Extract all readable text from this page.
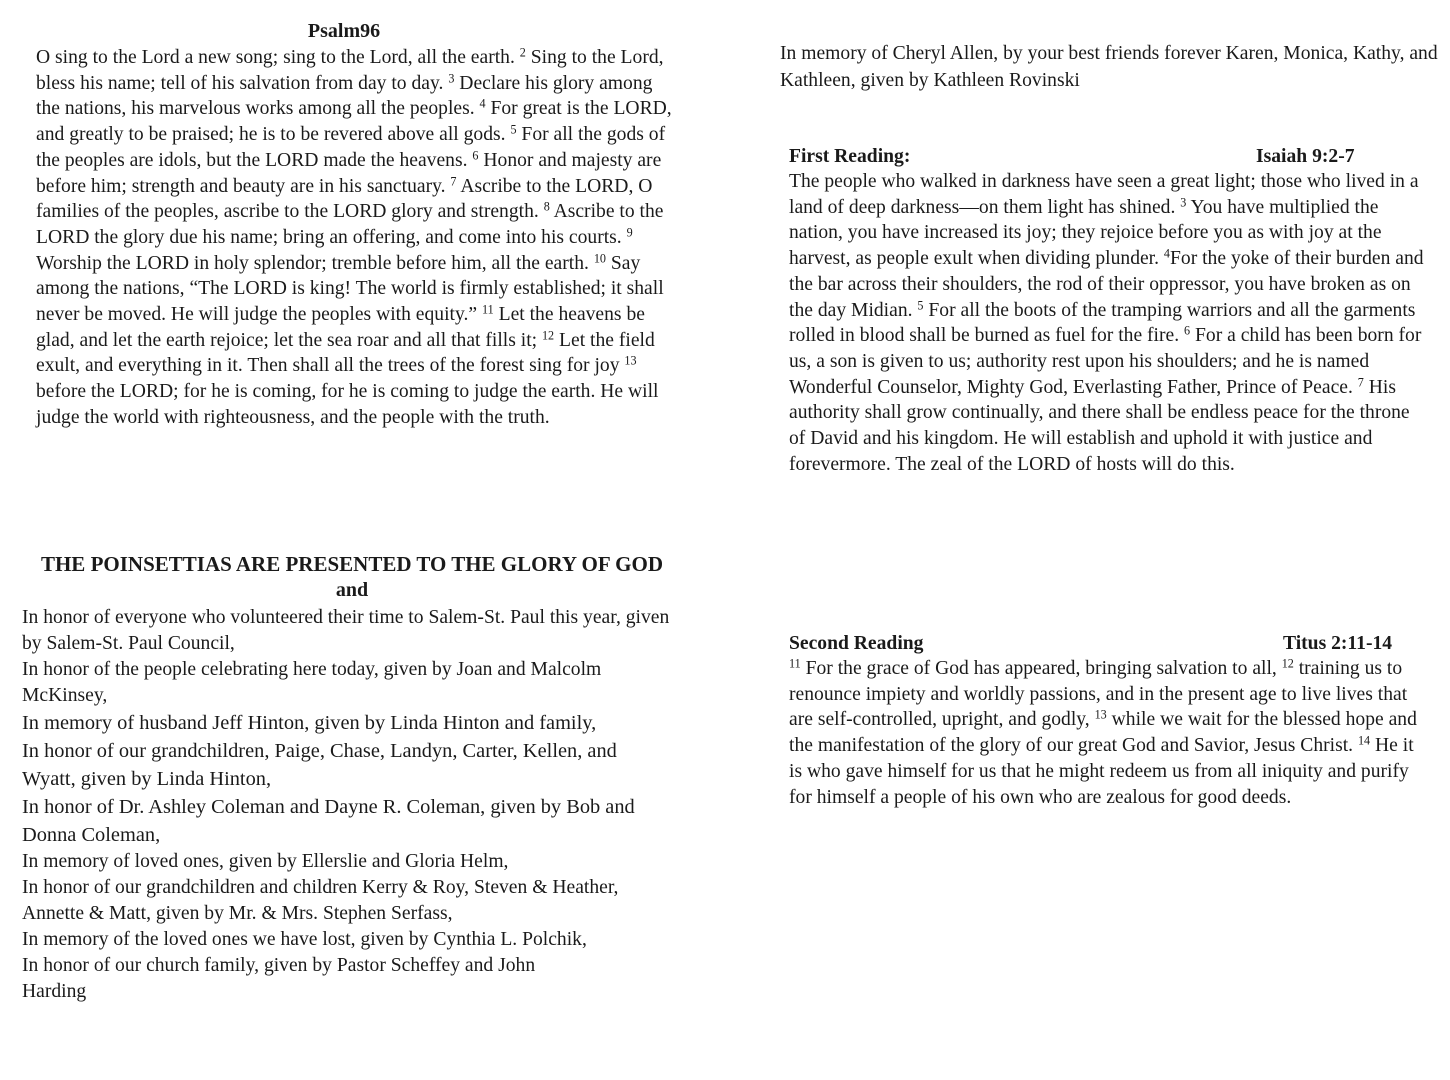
Psalm96

O sing to the Lord a new song; sing to the Lord, all the earth. $^2$ Sing to the Lord, bless his name; tell of his salvation from day to day. $^3$ Declare his glory among the nations, his marvelous works among all the peoples. $^4$ For great is the LORD, and greatly to be praised; he is to be revered above all gods. $^5$ For all the gods of the peoples are idols, but the LORD made the heavens. $^6$ Honor and majesty are before him; strength and beauty are in his sanctuary. $^7$ Ascribe to the LORD, O families of the peoples, ascribe to the LORD glory and strength. $^8$ Ascribe to the LORD the glory due his name; bring an offering, and come into his courts. $^9$ Worship the LORD in holy splendor; tremble before him, all the earth. $^{10}$ Say among the nations, “The LORD is king! The world is firmly established; it shall never be moved. He will judge the peoples with equity.” $^{11}$ Let the heavens be glad, and let the earth rejoice; let the sea roar and all that fills it; $^{12}$ Let the field exult, and everything in it. Then shall all the trees of the forest sing for joy $^{13}$ before the LORD; for he is coming, for he is coming to judge the earth. He will judge the world with righteousness, and the people with the truth.

THE POINSETTIAS ARE PRESENTED TO THE GLORY OF GOD
and

In honor of everyone who volunteered their time to Salem-St. Paul this year, given by Salem-St. Paul Council,

In honor of the people celebrating here today, given by Joan and Malcolm McKinsey,

In memory of husband Jeff Hinton, given by Linda Hinton and family,

In honor of our grandchildren, Paige, Chase, Landyn, Carter, Kellen, and Wyatt, given by Linda Hinton,

In honor of Dr. Ashley Coleman and Dayne R. Coleman, given by Bob and Donna Coleman,

In memory of loved ones, given by Ellerslie and Gloria Helm,

In honor of our grandchildren and children Kerry & Roy, Steven & Heather, Annette & Matt, given by Mr. & Mrs. Stephen Serfass,

In memory of the loved ones we have lost, given by Cynthia L. Polchik,

In honor of our church family, given by Pastor Scheffey and John Harding

In memory of Cheryl Allen, by your best friends forever Karen, Monica, Kathy, and Kathleen, given by Kathleen Rovinski

First Reading:	Isaiah 9:2-7

The people who walked in darkness have seen a great light; those who lived in a land of deep darkness—on them light has shined. $^3$ You have multiplied the nation, you have increased its joy; they rejoice before you as with joy at the harvest, as people exult when dividing plunder. $^4$For the yoke of their burden and the bar across their shoulders, the rod of their oppressor, you have broken as on the day Midian. $^5$ For all the boots of the tramping warriors and all the garments rolled in blood shall be burned as fuel for the fire. $^6$ For a child has been born for us, a son is given to us; authority rest upon his shoulders; and he is named Wonderful Counselor, Mighty God, Everlasting Father, Prince of Peace. $^7$ His authority shall grow continually, and there shall be endless peace for the throne of David and his kingdom. He will establish and uphold it with justice and forevermore. The zeal of the LORD of hosts will do this.

Second Reading	Titus 2:11-14

$^{11}$ For the grace of God has appeared, bringing salvation to all, $^{12}$ training us to renounce impiety and worldly passions, and in the present age to live lives that are self-controlled, upright, and godly, $^{13}$ while we wait for the blessed hope and the manifestation of the glory of our great God and Savior, Jesus Christ. $^{14}$ He it is who gave himself for us that he might redeem us from all iniquity and purify for himself a people of his own who are zealous for good deeds.
